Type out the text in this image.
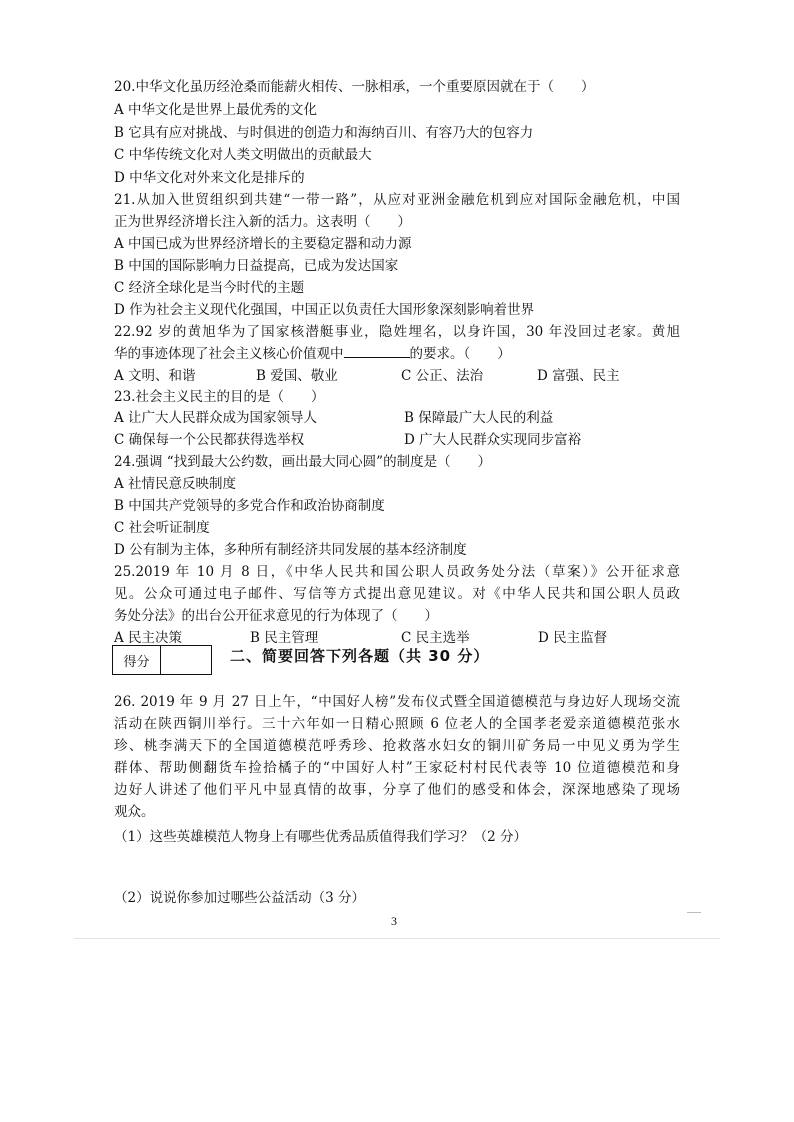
20.中华文化虽历经沧桑而能薪火相传、一脉相承，一个重要原因就在于（　　）
A 中华文化是世界上最优秀的文化
B 它具有应对挑战、与时俱进的创造力和海纳百川、有容乃大的包容力
C 中华传统文化对人类文明做出的贡献最大
D 中华文化对外来文化是排斥的
21.从加入世贸组织到共建“一带一路”，从应对亚洲金融危机到应对国际金融危机，中国
正为世界经济增长注入新的活力。这表明（　　）
A 中国已成为世界经济增长的主要稳定器和动力源
B 中国的国际影响力日益提高，已成为发达国家
C 经济全球化是当今时代的主题
D 作为社会主义现代化强国，中国正以负责任大国形象深刻影响着世界
22.92 岁的黄旭华为了国家核潜艇事业，隐姓埋名，以身许国，30 年没回过老家。黄旭
华的事迹体现了社会主义核心价值观中	的要求。（　　）
A 文明、和谐	B 爱国、敬业	C 公正、法治	D 富强、民主
23.社会主义民主的目的是（　　）
A 让广大人民群众成为国家领导人	B 保障最广大人民的利益
C 确保每一个公民都获得选举权	D 广大人民群众实现同步富裕
24.强调 “找到最大公约数，画出最大同心圆”的制度是（　　）
A 社情民意反映制度
B 中国共产党领导的多党合作和政治协商制度
C 社会听证制度
D 公有制为主体，多种所有制经济共同发展的基本经济制度
25.2019 年 10 月 8 日，《中华人民共和国公职人员政务处分法（草案）》公开征求意
见。公众可通过电子邮件、写信等方式提出意见建议。对《中华人民共和国公职人员政
务处分法》的出台公开征求意见的行为体现了（　　）
A 民主决策	B 民主管理	C 民主选举	D 民主监督
得分	二、简要回答下列各题（共 30 分）
26. 2019 年 9 月 27 日上午，“中国好人榜”发布仪式暨全国道德模范与身边好人现场交流
活动在陕西铜川举行。三十六年如一日精心照顾 6 位老人的全国孝老爱亲道德模范张水
珍、桃李满天下的全国道德模范呼秀珍、抢救落水妇女的铜川矿务局一中见义勇为学生
群体、帮助侧翻货车捡拾橘子的“中国好人村”王家砭村村民代表等 10 位道德模范和身
边好人讲述了他们平凡中显真情的故事，分享了他们的感受和体会，深深地感染了现场
观众。
（1）这些英雄模范人物身上有哪些优秀品质值得我们学习？（2 分）
（2）说说你参加过哪些公益活动（3 分）
3
